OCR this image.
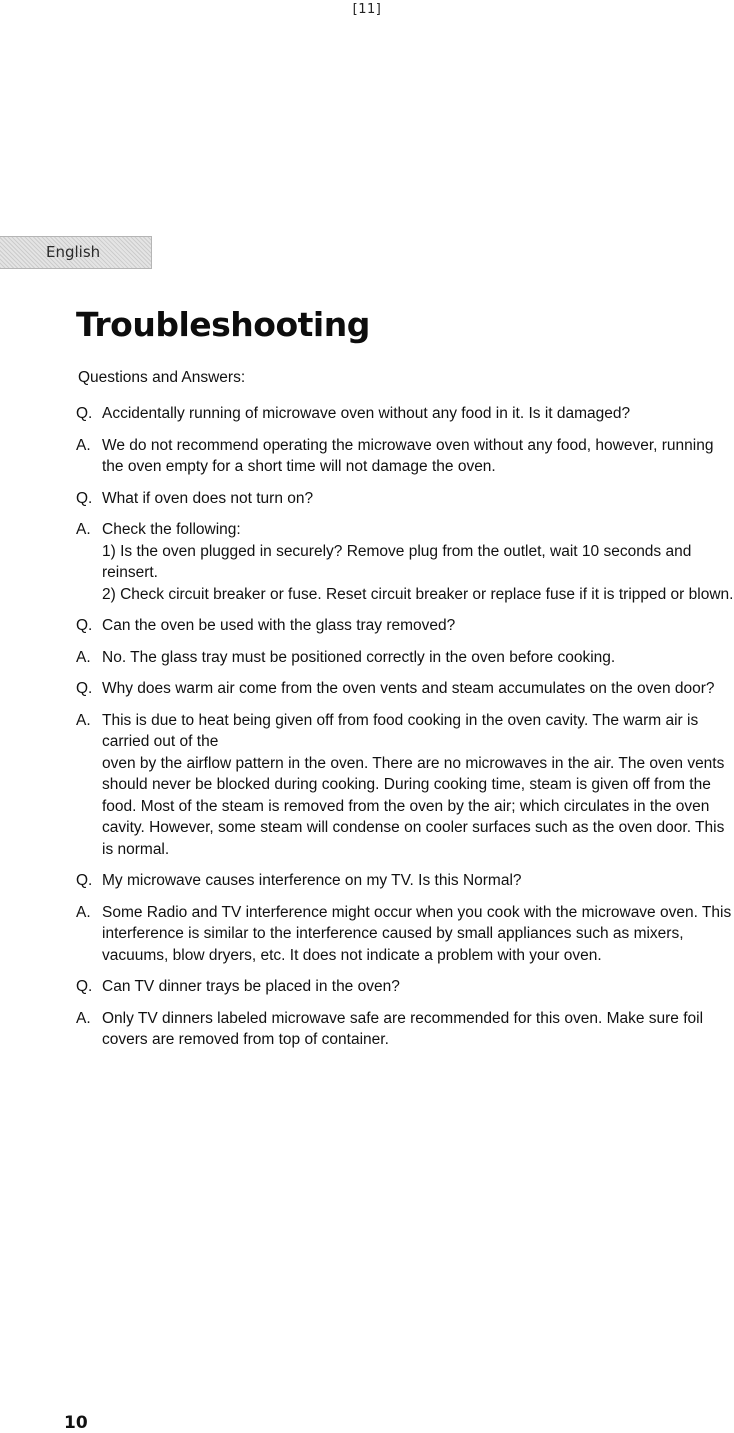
[11]
English
Troubleshooting
Questions and Answers:
Q. Accidentally running of microwave oven without any food in it. Is it damaged?

A. We do not recommend operating the microwave oven without any food, however, running the oven empty for a short time will not damage the oven.

Q. What if oven does not turn on?

A. Check the following:

1) Is the oven plugged in securely? Remove plug from the outlet, wait 10 seconds and reinsert.

2) Check circuit breaker or fuse. Reset circuit breaker or replace fuse if it is tripped or blown.

Q. Can the oven be used with the glass tray removed?

A. No. The glass tray must be positioned correctly in the oven before cooking.

Q. Why does warm air come from the oven vents and steam accumulates on the oven door?

A. This is due to heat being given off from food cooking in the oven cavity. The warm air is carried out of the

oven by the airflow pattern in the oven. There are no microwaves in the air. The oven vents should never be blocked during cooking. During cooking time, steam is given off from the food. Most of the steam is removed from the oven by the air; which circulates in the oven cavity. However, some steam will condense on cooler surfaces such as the oven door. This is normal.

Q. My microwave causes interference on my TV. Is this Normal?

A. Some Radio and TV interference might occur when you cook with the microwave oven. This interference is similar to the interference caused by small appliances such as mixers, vacuums, blow dryers, etc. It does not indicate a problem with your oven.

Q. Can TV dinner trays be placed in the oven?

A. Only TV dinners labeled microwave safe are recommended for this oven. Make sure foil covers are removed from top of container.

10
